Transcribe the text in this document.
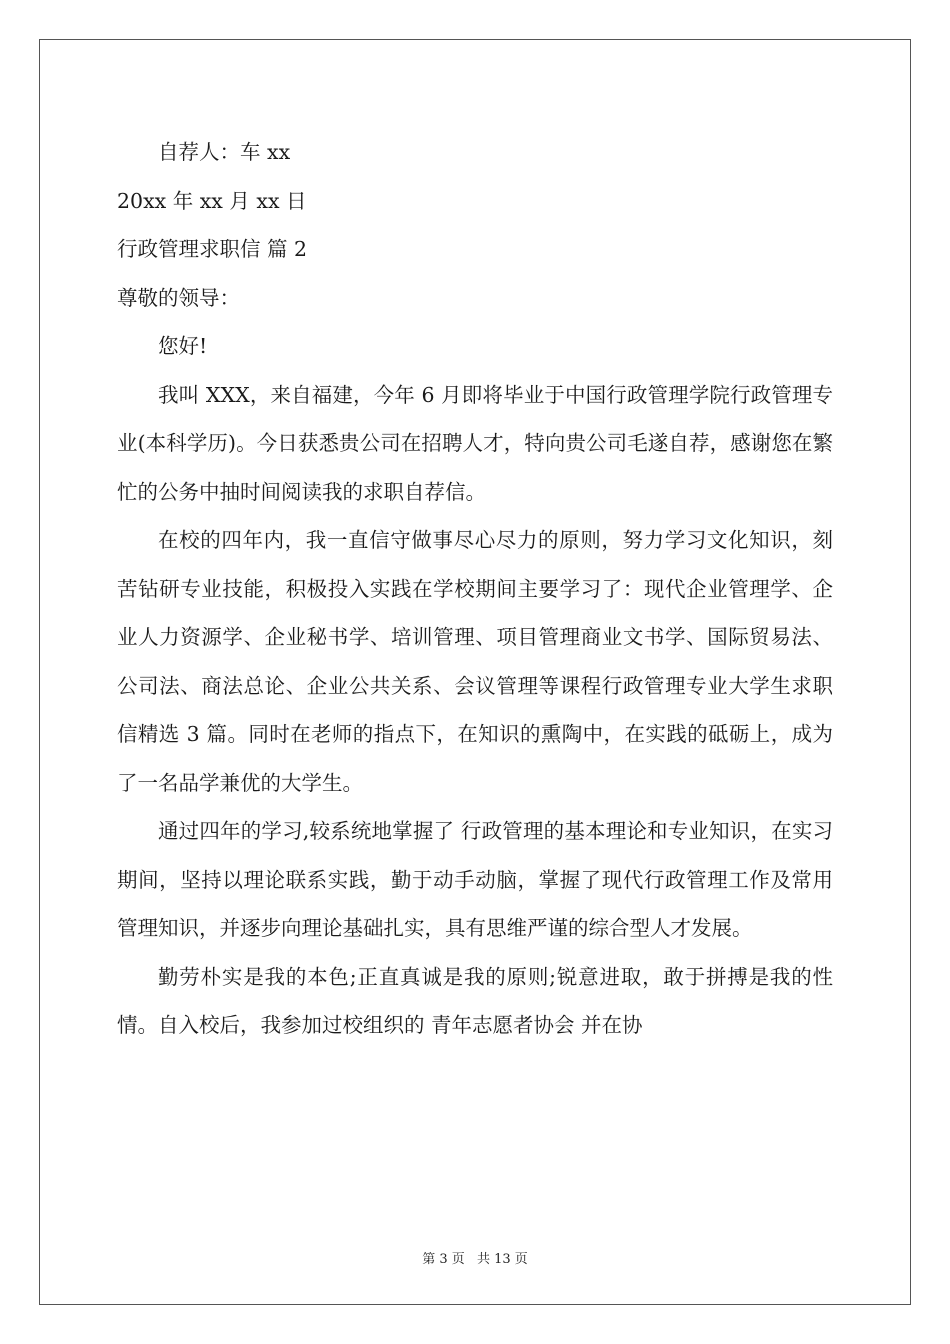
自荐人：车 xx

20xx 年 xx 月 xx 日

行政管理求职信 篇 2

尊敬的领导：

您好!

我叫 XXX，来自福建，今年 6 月即将毕业于中国行政管理学院行政管理专业(本科学历)。今日获悉贵公司在招聘人才，特向贵公司毛遂自荐，感谢您在繁忙的公务中抽时间阅读我的求职自荐信。

在校的四年内，我一直信守做事尽心尽力的原则，努力学习文化知识，刻苦钻研专业技能，积极投入实践在学校期间主要学习了：现代企业管理学、企业人力资源学、企业秘书学、培训管理、项目管理商业文书学、国际贸易法、公司法、商法总论、企业公共关系、会议管理等课程行政管理专业大学生求职信精选 3 篇。同时在老师的指点下，在知识的熏陶中，在实践的砥砺上，成为了一名品学兼优的大学生。

通过四年的学习,较系统地掌握了 行政管理的基本理论和专业知识，在实习期间，坚持以理论联系实践，勤于动手动脑，掌握了现代行政管理工作及常用管理知识，并逐步向理论基础扎实，具有思维严谨的综合型人才发展。

勤劳朴实是我的本色;正直真诚是我的原则;锐意进取，敢于拼搏是我的性情。自入校后，我参加过校组织的 青年志愿者协会 并在协

第 3 页 共 13 页
